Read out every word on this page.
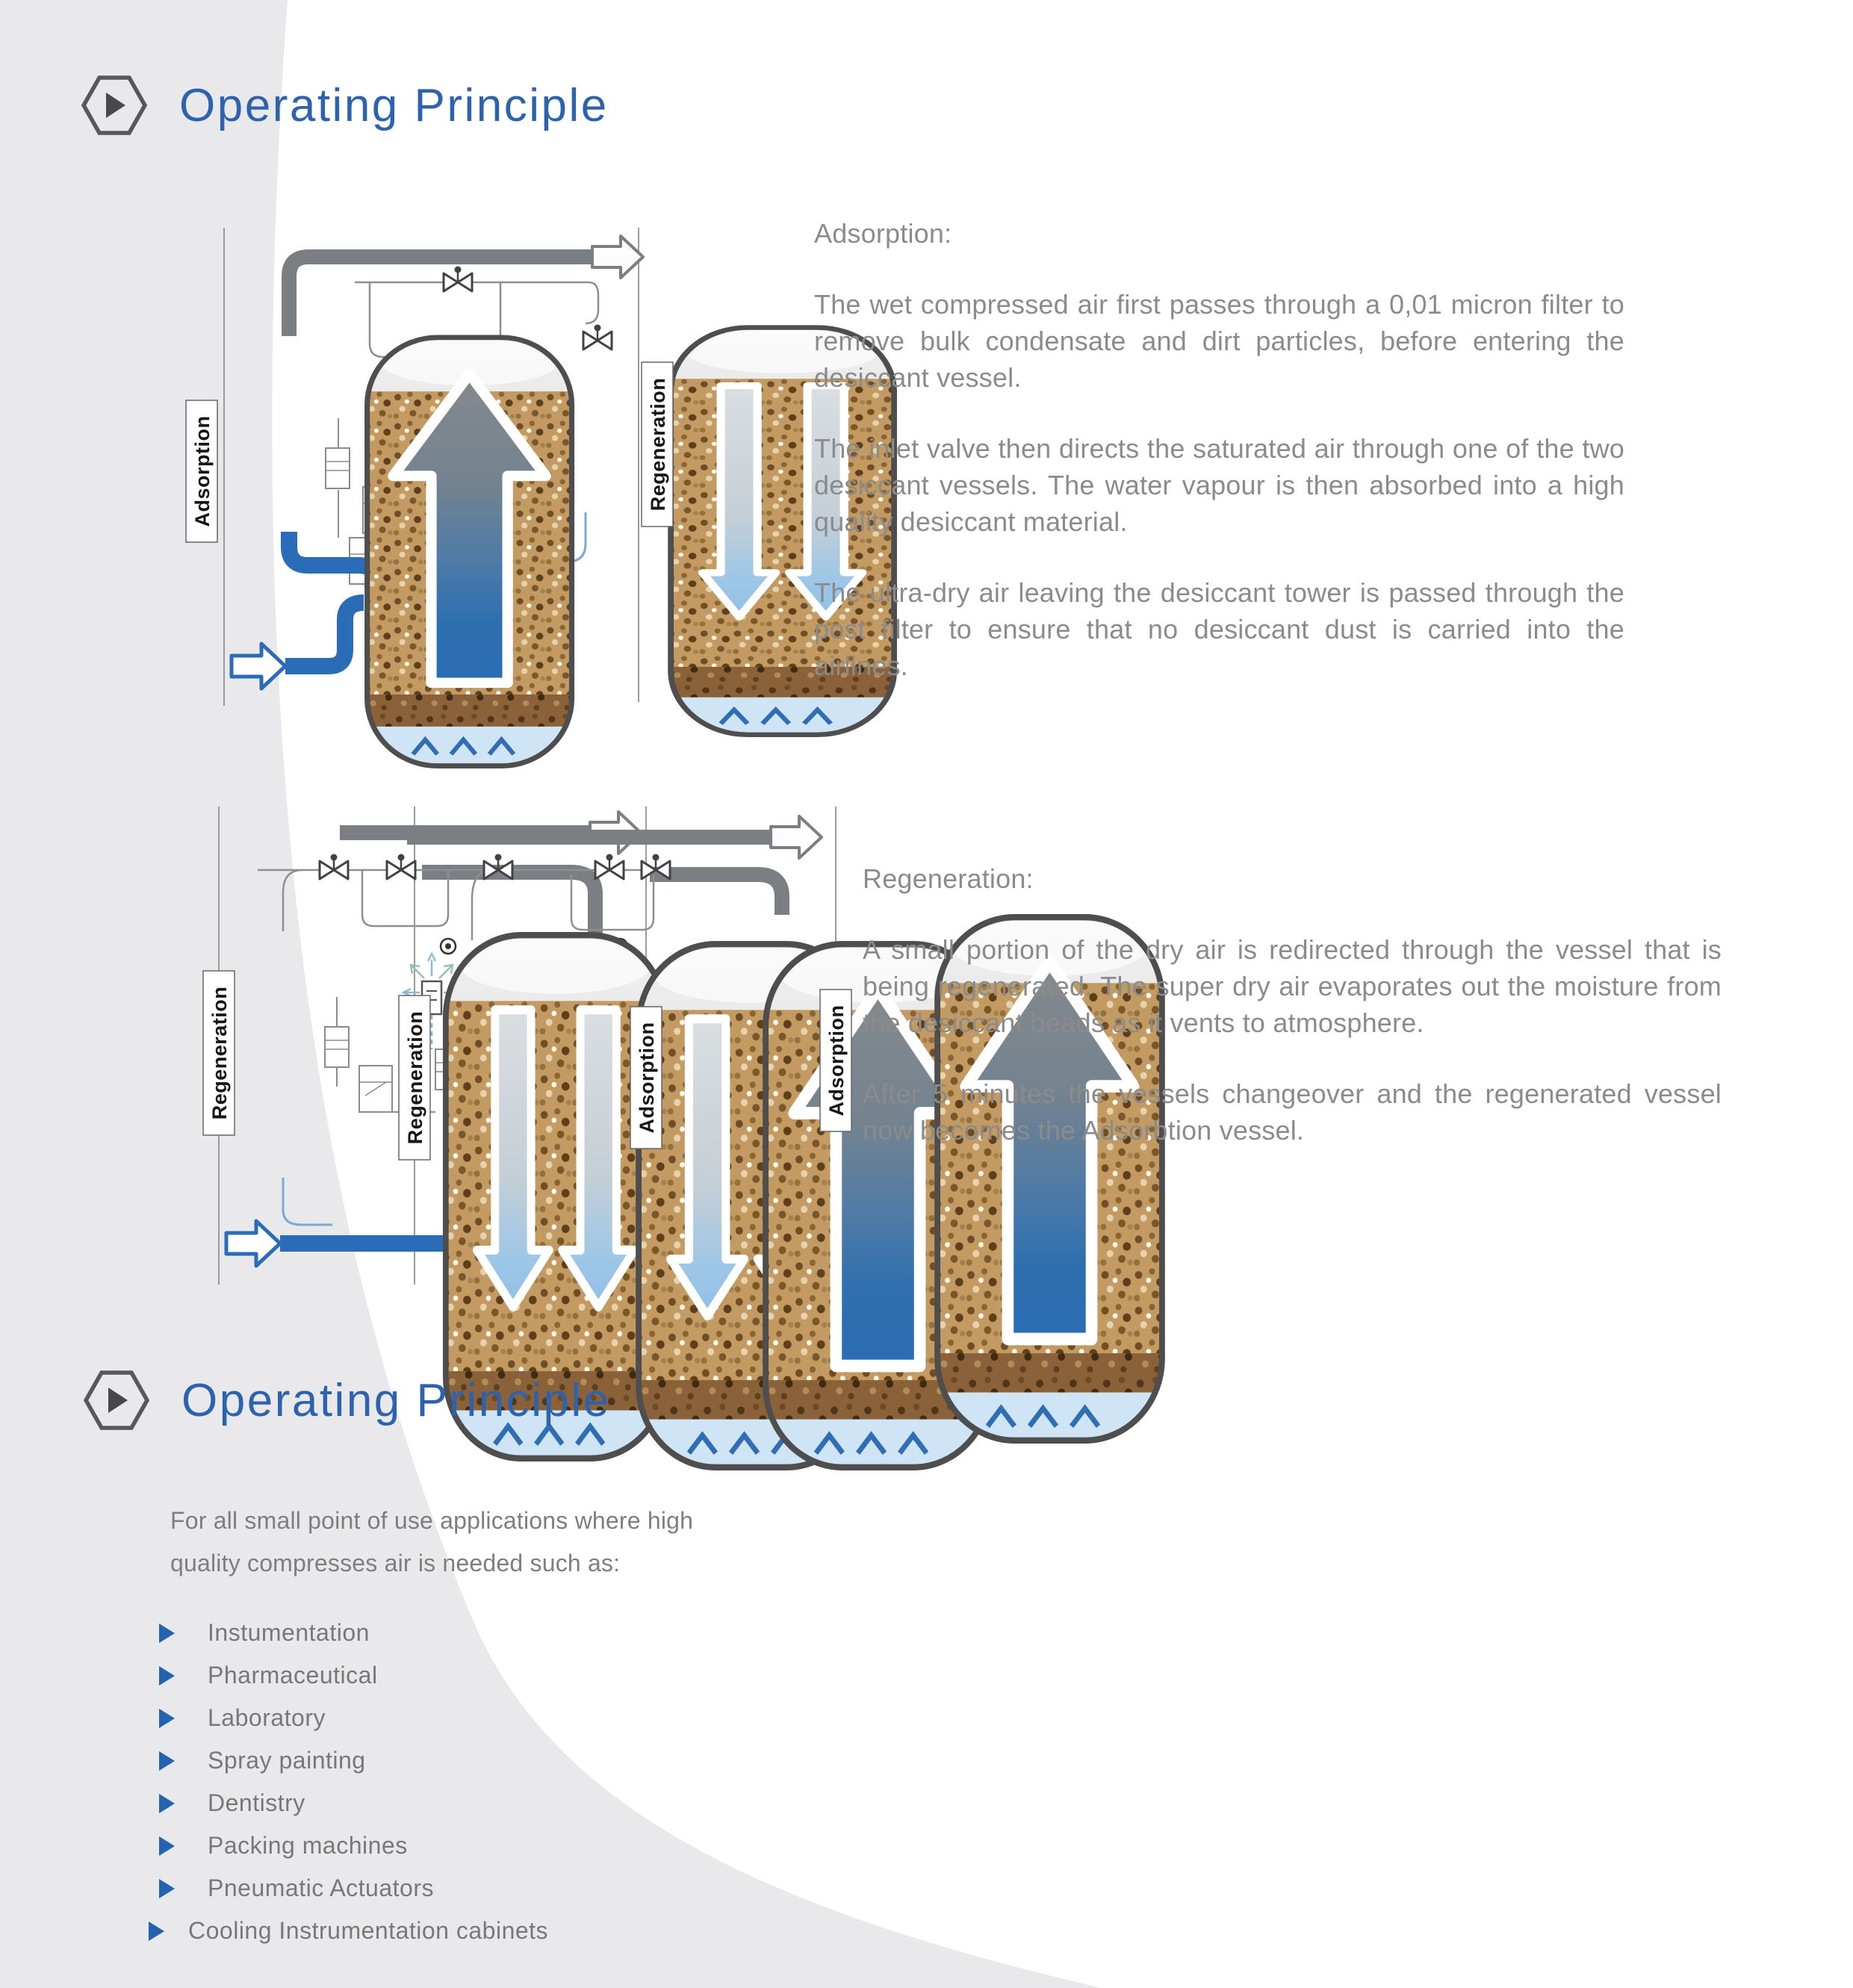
Operating Principle
Adsorption	Regeneration

Adsorption:

The wet compressed air first passes through a 0,01 micron filter to remove bulk condensate and dirt particles, before entering the desiccant vessel.

The inlet valve then directs the saturated air through one of the two desiccant vessels. The water vapour is then absorbed into a high quality desiccant material.

The ultra-dry air leaving the desiccant tower is passed through the post filter to ensure that no desiccant dust is carried into the airlines.

Regeneration	Regeneration	Adsorption	Adsorption

Regeneration:

A small portion of the dry air is redirected through the vessel that is being regenerated. The super dry air evaporates out the moisture from the desiccant beads as it vents to atmosphere.

After 5 minutes the vessels changeover and the regenerated vessel now becomes the Adsorbtion vessel.

Operating Principle
For all small point of use applications where high quality compresses air is needed such as:
Instumentation
Pharmaceutical
Laboratory
Spray painting
Dentistry
Packing machines
Pneumatic Actuators
Cooling Instrumentation cabinets
